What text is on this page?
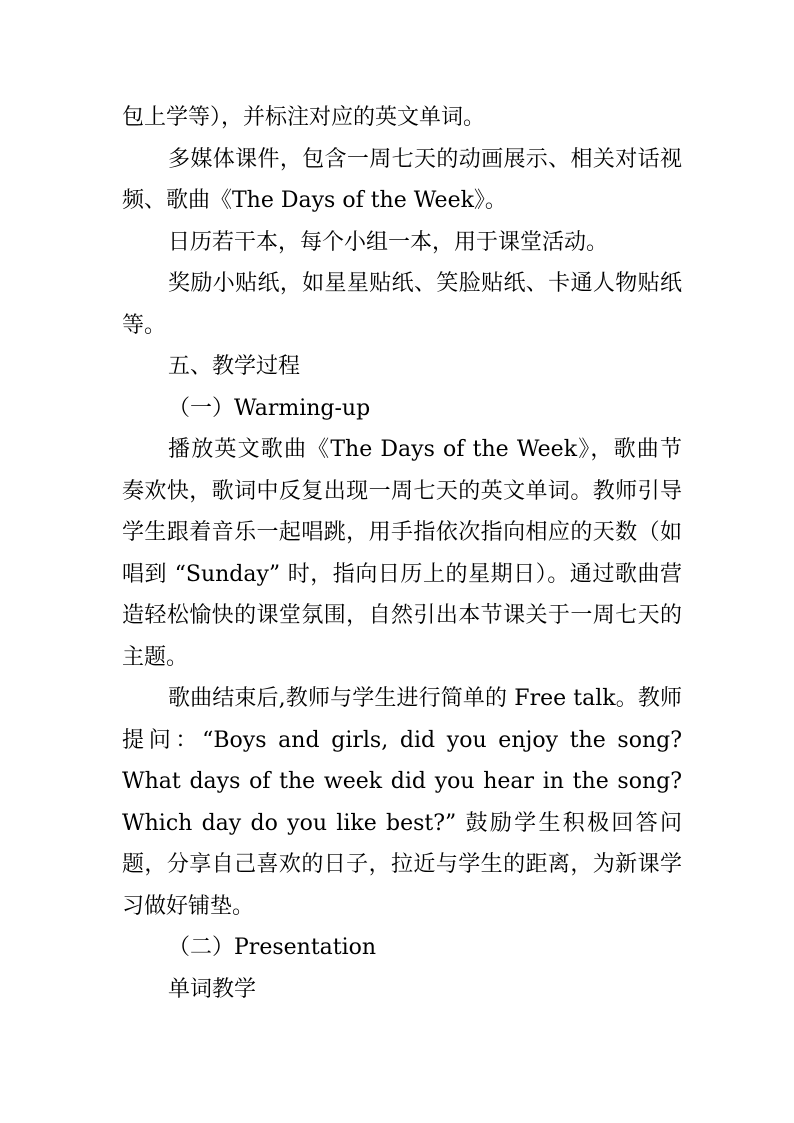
包上学等），并标注对应的英文单词。

多媒体课件，包含一周七天的动画展示、相关对话视频、歌曲《The Days of the Week》。

日历若干本，每个小组一本，用于课堂活动。

奖励小贴纸，如星星贴纸、笑脸贴纸、卡通人物贴纸等。

五、教学过程

（一）Warming-up

播放英文歌曲《The Days of the Week》，歌曲节奏欢快，歌词中反复出现一周七天的英文单词。教师引导学生跟着音乐一起唱跳，用手指依次指向相应的天数（如唱到 “Sunday” 时，指向日历上的星期日）。通过歌曲营造轻松愉快的课堂氛围，自然引出本节课关于一周七天的主题。

歌曲结束后,教师与学生进行简单的 Free talk。教师提问：“Boys and girls, did you enjoy the song? What days of the week did you hear in the song? Which day do you like best?” 鼓励学生积极回答问题，分享自己喜欢的日子，拉近与学生的距离，为新课学习做好铺垫。

（二）Presentation

单词教学
